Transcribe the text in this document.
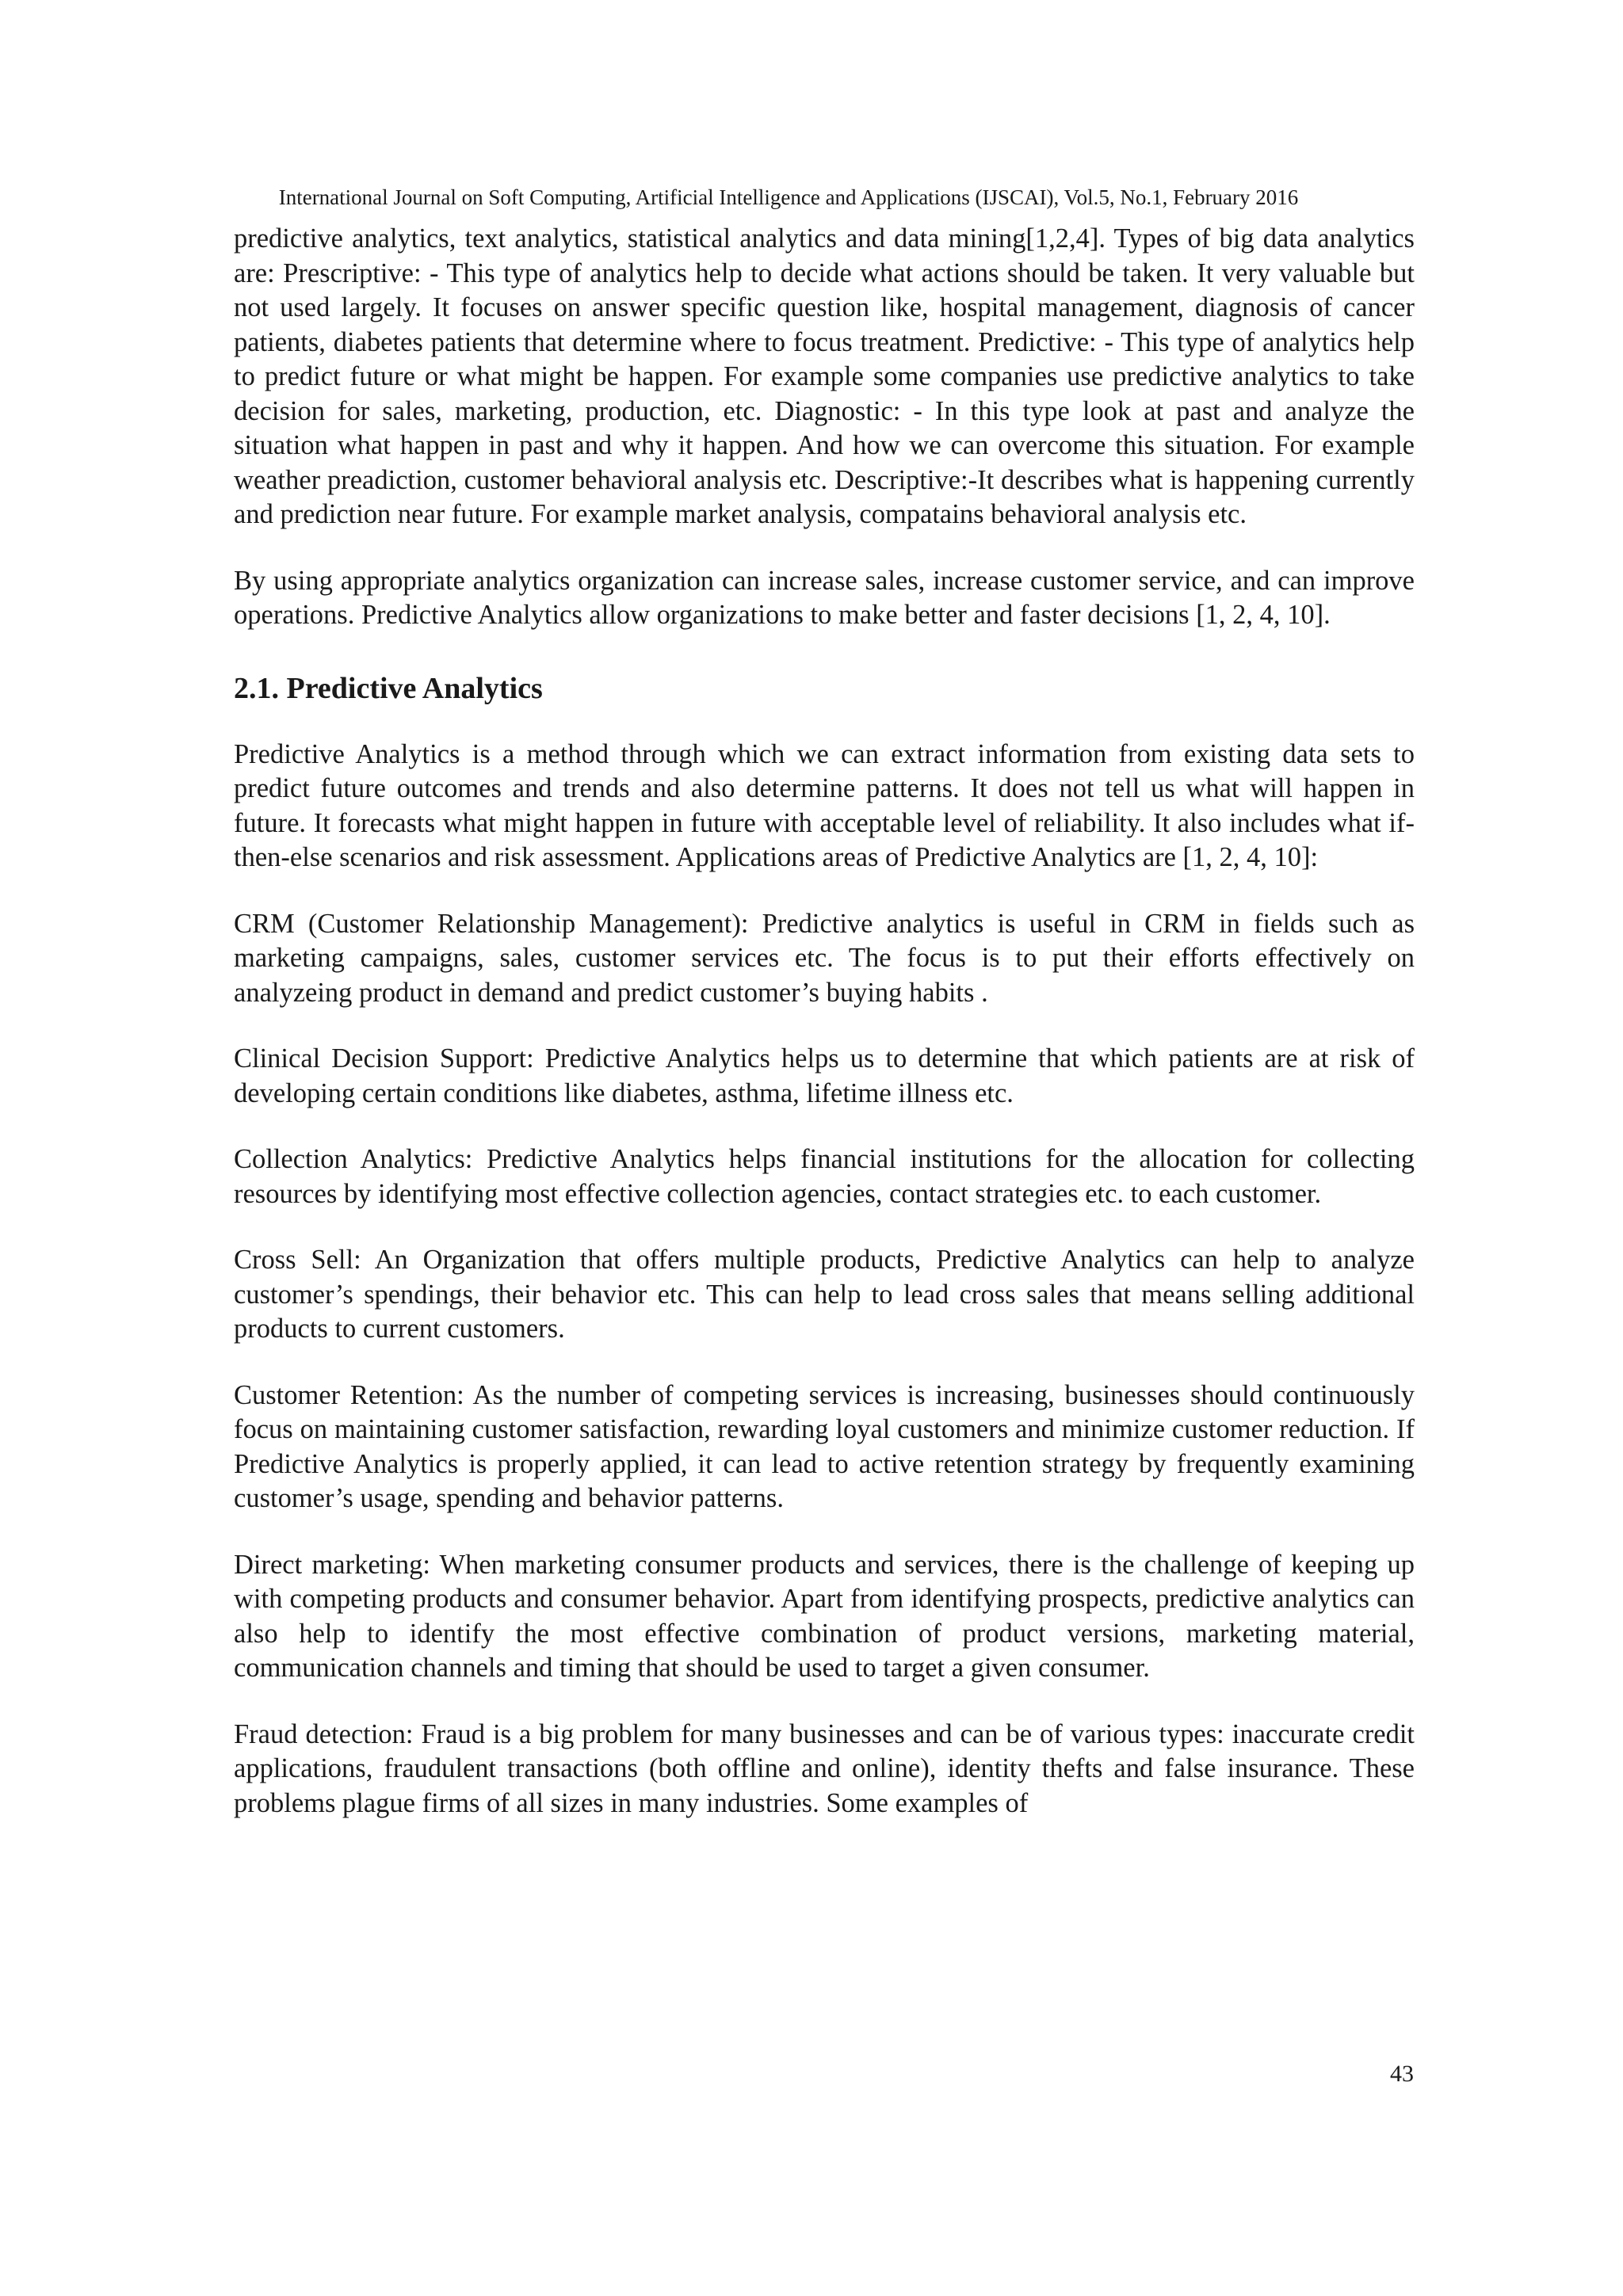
International Journal on Soft Computing, Artificial Intelligence and Applications (IJSCAI), Vol.5, No.1, February 2016

predictive analytics, text analytics, statistical analytics and data mining[1,2,4]. Types of big data analytics are: Prescriptive: - This type of analytics help to decide what actions should be taken. It very valuable but not used largely. It focuses on answer specific question like, hospital management, diagnosis of cancer patients, diabetes patients that determine where to focus treatment. Predictive: - This type of analytics help to predict future or what might be happen. For example some companies use predictive analytics to take decision for sales, marketing, production, etc. Diagnostic: - In this type look at past and analyze the situation what happen in past and why it happen. And how we can overcome this situation. For example weather preadiction, customer behavioral analysis etc. Descriptive:-It describes what is happening currently and prediction near future. For example market analysis, compatains behavioral analysis etc.

By using appropriate analytics organization can increase sales, increase customer service, and can improve operations. Predictive Analytics allow organizations to make better and faster decisions [1, 2, 4, 10].

2.1. Predictive Analytics

Predictive Analytics is a method through which we can extract information from existing data sets to predict future outcomes and trends and also determine patterns. It does not tell us what will happen in future. It forecasts what might happen in future with acceptable level of reliability. It also includes what if-then-else scenarios and risk assessment. Applications areas of Predictive Analytics are [1, 2, 4, 10]:

CRM (Customer Relationship Management): Predictive analytics is useful in CRM in fields such as marketing campaigns, sales, customer services etc. The focus is to put their efforts effectively on analyzeing product in demand and predict customer’s buying habits .

Clinical Decision Support: Predictive Analytics helps us to determine that which patients are at risk of developing certain conditions like diabetes, asthma, lifetime illness etc.

Collection Analytics: Predictive Analytics helps financial institutions for the allocation for collecting resources by identifying most effective collection agencies, contact strategies etc. to each customer.

Cross Sell: An Organization that offers multiple products, Predictive Analytics can help to analyze customer’s spendings, their behavior etc. This can help to lead cross sales that means selling additional products to current customers.

Customer Retention: As the number of competing services is increasing, businesses should continuously focus on maintaining customer satisfaction, rewarding loyal customers and minimize customer reduction. If Predictive Analytics is properly applied, it can lead to active retention strategy by frequently examining customer’s usage, spending and behavior patterns.

Direct marketing: When marketing consumer products and services, there is the challenge of keeping up with competing products and consumer behavior. Apart from identifying prospects, predictive analytics can also help to identify the most effective combination of product versions, marketing material, communication channels and timing that should be used to target a given consumer.

Fraud detection: Fraud is a big problem for many businesses and can be of various types: inaccurate credit applications, fraudulent transactions (both offline and online), identity thefts and false insurance. These problems plague firms of all sizes in many industries. Some examples of

43
